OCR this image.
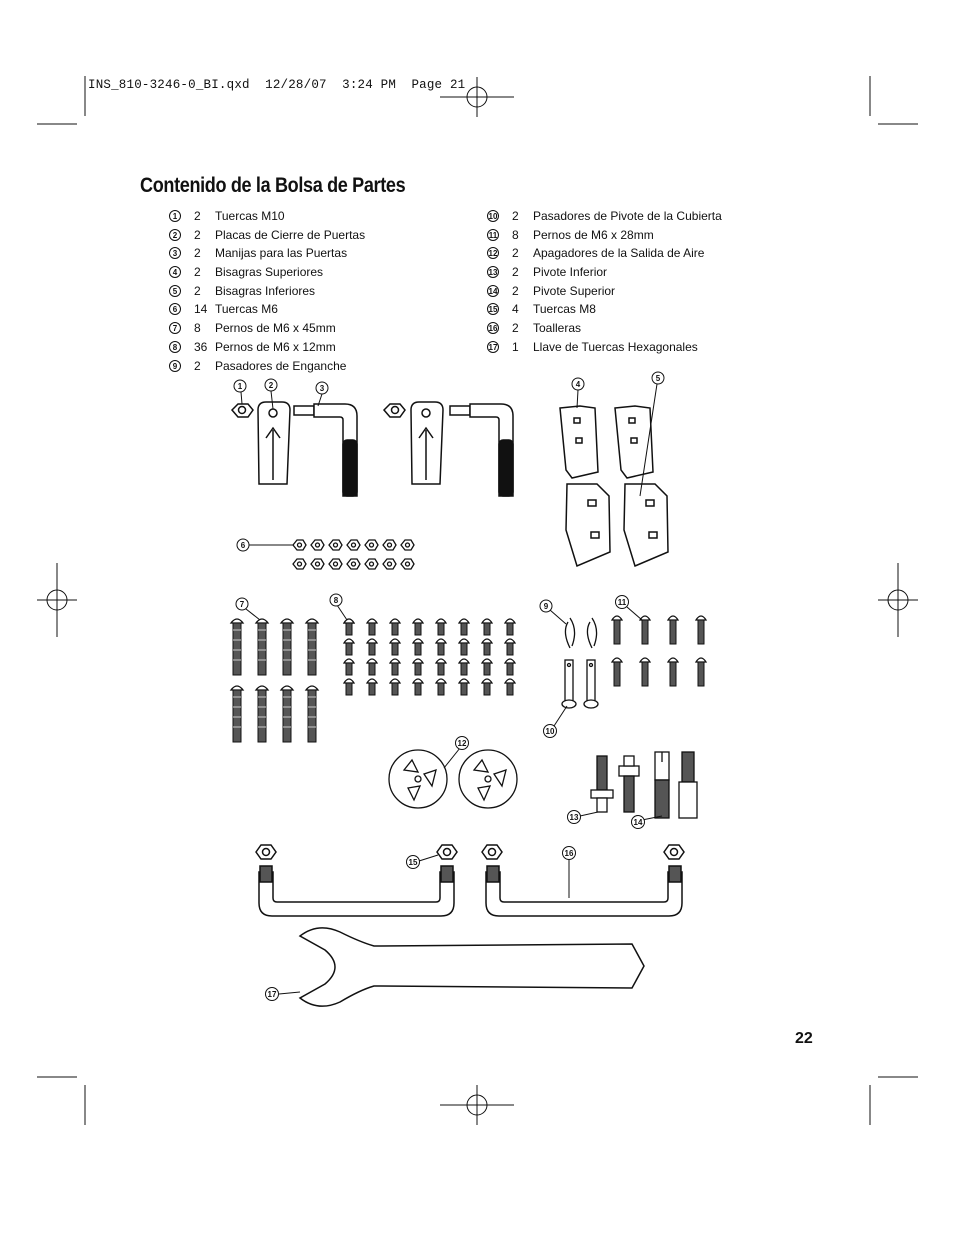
INS_810-3246-0_BI.qxd  12/28/07  3:24 PM  Page 21
Contenido de la Bolsa de Partes
1	2 Tuercas M10
2	2 Placas de Cierre de Puertas
3	2 Manijas para las Puertas
4	2 Bisagras Superiores
5	2 Bisagras Inferiores
6	14 Tuercas M6
7	8 Pernos de M6 x 45mm
8	36 Pernos de M6 x 12mm
9	2 Pasadores de Enganche
10 2 Pasadores de Pivote de la Cubierta
11 8 Pernos de M6 x 28mm
12 2 Apagadores de la Salida de Aire
13 2 Pivote Inferior
14 2 Pivote Superior
15 4 Tuercas M8
16 2 Toalleras
17 1 Llave de Tuercas Hexagonales
22
1	2	3	4
5
6
7	8
9
10
11
12
13
14
15
16
17
